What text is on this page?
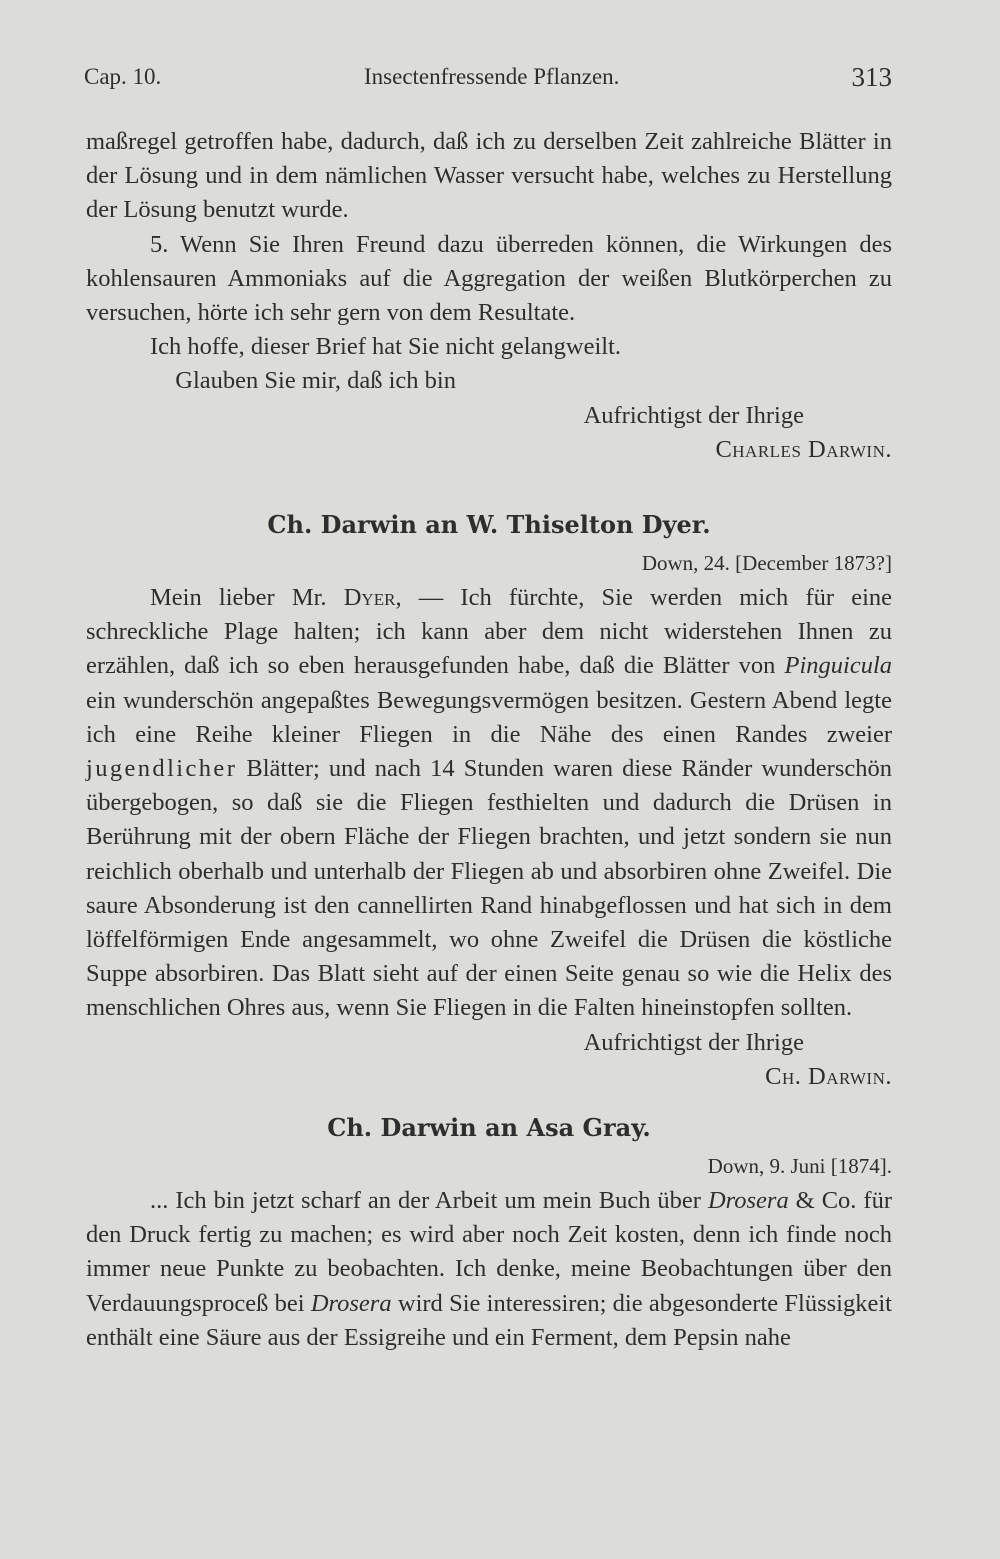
Cap. 10.	Insectenfressende Pflanzen.	313

maßregel getroffen habe, dadurch, daß ich zu derselben Zeit zahlreiche Blätter in der Lösung und in dem nämlichen Wasser versucht habe, welches zu Herstellung der Lösung benutzt wurde.

5. Wenn Sie Ihren Freund dazu überreden können, die Wirkungen des kohlensauren Ammoniaks auf die Aggregation der weißen Blutkörperchen zu versuchen, hörte ich sehr gern von dem Resultate.

Ich hoffe, dieser Brief hat Sie nicht gelangweilt.

Glauben Sie mir, daß ich bin
Aufrichtigst der Ihrige
Charles Darwin.
Ch. Darwin an W. Thiselton Dyer.
Down, 24. [December 1873?]

Mein lieber Mr. Dyer, — Ich fürchte, Sie werden mich für eine schreckliche Plage halten; ich kann aber dem nicht widerstehen Ihnen zu erzählen, daß ich so eben herausgefunden habe, daß die Blätter von Pinguicula ein wunderschön angepaßtes Bewegungsvermögen besitzen. Gestern Abend legte ich eine Reihe kleiner Fliegen in die Nähe des einen Randes zweier jugendlicher Blätter; und nach 14 Stunden waren diese Ränder wunderschön übergebogen, so daß sie die Fliegen festhielten und dadurch die Drüsen in Berührung mit der obern Fläche der Fliegen brachten, und jetzt sondern sie nun reichlich oberhalb und unterhalb der Fliegen ab und absorbiren ohne Zweifel. Die saure Absonderung ist den cannellirten Rand hinabgeflossen und hat sich in dem löffelförmigen Ende angesammelt, wo ohne Zweifel die Drüsen die köstliche Suppe absorbiren. Das Blatt sieht auf der einen Seite genau so wie die Helix des menschlichen Ohres aus, wenn Sie Fliegen in die Falten hineinstopfen sollten.

Aufrichtigst der Ihrige
Ch. Darwin.
Ch. Darwin an Asa Gray.
Down, 9. Juni [1874].

... Ich bin jetzt scharf an der Arbeit um mein Buch über Drosera & Co. für den Druck fertig zu machen; es wird aber noch Zeit kosten, denn ich finde noch immer neue Punkte zu beobachten. Ich denke, meine Beobachtungen über den Verdauungsproceß bei Drosera wird Sie interessiren; die abgesonderte Flüssigkeit enthält eine Säure aus der Essigreihe und ein Ferment, dem Pepsin nahe
